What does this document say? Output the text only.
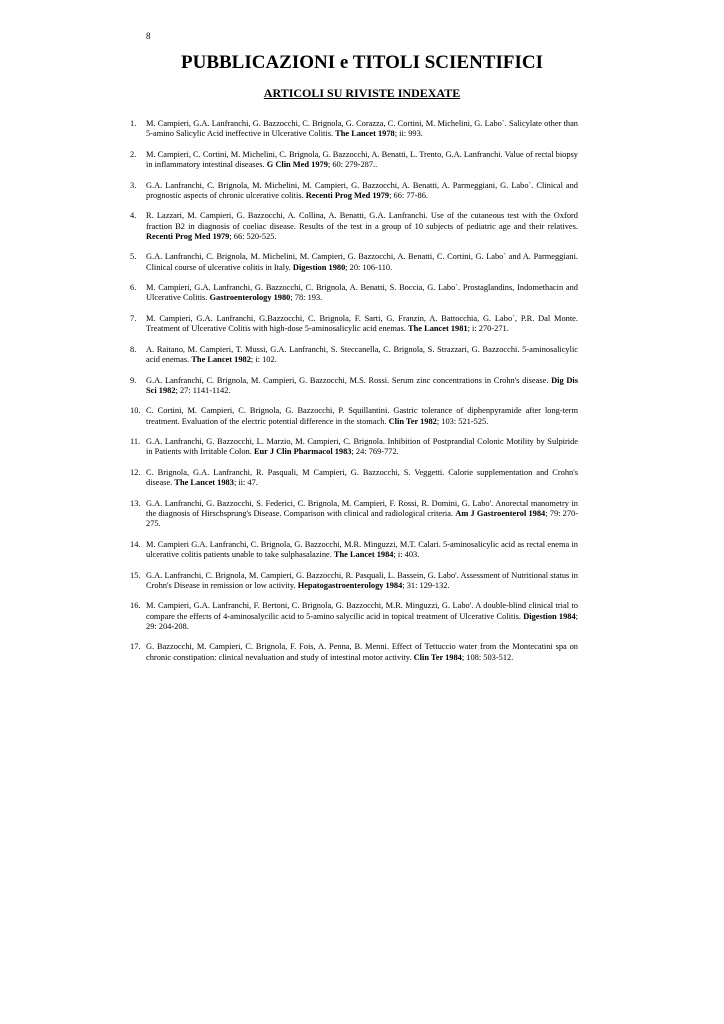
8
PUBBLICAZIONI e TITOLI SCIENTIFICI
ARTICOLI SU RIVISTE INDEXATE
1. M. Campieri, G.A. Lanfranchi, G. Bazzocchi, C. Brignola, G. Corazza, C. Cortini, M. Michelini, G. Labo`. Salicylate other than 5-amino Salicylic Acid ineffective in Ulcerative Colitis. The Lancet 1978; ii: 993.
2. M. Campieri, C. Cortini, M. Michelini, C. Brignola, G. Bazzocchi, A. Benatti, L. Trento, G.A. Lanfranchi. Value of rectal biopsy in inflammatory intestinal diseases. G Clin Med 1979; 60: 279-287..
3. G.A. Lanfranchi, C. Brignola, M. Michelini, M. Campieri, G. Bazzocchi, A. Benatti, A. Parmeggiani, G. Labo`. Clinical and prognostic aspects of chronic ulcerative colitis. Recenti Prog Med 1979; 66: 77-86.
4. R. Lazzari, M. Campieri, G. Bazzocchi, A. Collina, A. Benatti, G.A. Lanfranchi. Use of the cutaneous test with the Oxford fraction B2 in diagnosis of coeliac disease. Results of the test in a group of 10 subjects of pediatric age and their relatives. Recenti Prog Med 1979; 66: 520-525.
5. G.A. Lanfranchi, C. Brignola, M. Michelini, M. Campieri, G. Bazzocchi, A. Benatti, C. Cortini, G. Labo` and A. Parmeggiani. Clinical course of ulcerative colitis in Italy. Digestion 1980; 20: 106-110.
6. M. Campieri, G.A. Lanfranchi, G. Bazzocchi, C. Brignola, A. Benatti, S. Boccia, G. Labo`. Prostaglandins, Indomethacin and Ulcerative Colitis. Gastroenterology 1980; 78: 193.
7. M. Campieri, G.A. Lanfranchi, G.Bazzocchi, C. Brignola, F. Sarti, G. Franzin, A. Battocchia, G. Labo`, P.R. Dal Monte. Treatment of Ulcerative Colitis with high-dose 5-aminosalicylic acid enemas. The Lancet 1981; i: 270-271.
8. A. Raitano, M. Campieri, T. Mussi, G.A. Lanfranchi, S. Steccanella, C. Brignola, S. Strazzari, G. Bazzocchi. 5-aminosalicylic acid enemas. The Lancet 1982; i: 102.
9. G.A. Lanfranchi, C. Brignola, M. Campieri, G. Bazzocchi, M.S. Rossi. Serum zinc concentrations in Crohn's disease. Dig Dis Sci 1982; 27: 1141-1142.
10. C. Cortini, M. Campieri, C. Brignola, G. Bazzocchi, P. Squillantini. Gastric tolerance of diphenpyramide after long-term treatment. Evaluation of the electric potential difference in the stomach. Clin Ter 1982; 103: 521-525.
11. G.A. Lanfranchi, G. Bazzocchi, L. Marzio, M. Campieri, C. Brignola. Inhibition of Postprandial Colonic Motility by Sulpiride in Patients with Irritable Colon. Eur J Clin Pharmacol 1983; 24: 769-772.
12. C. Brignola, G.A. Lanfranchi, R. Pasquali, M Campieri, G. Bazzocchi, S. Veggetti. Calorie supplementation and Crohn's disease. The Lancet 1983; ii: 47.
13. G.A. Lanfranchi, G. Bazzocchi, S. Federici, C. Brignola, M. Campieri, F. Rossi, R. Domini, G. Labo'. Anorectal manometry in the diagnosis of Hirschsprung's Disease. Comparison with clinical and radiological criteria. Am J Gastroenterol 1984; 79: 270-275.
14. M. Campieri G.A. Lanfranchi, C. Brignola, G. Bazzocchi, M.R. Minguzzi, M.T. Calari. 5-aminosalicylic acid as rectal enema in ulcerative colitis patients unable to take sulphasalazine. The Lancet 1984; i: 403.
15. G.A. Lanfranchi, C. Brignola, M. Campieri, G. Bazzocchi, R. Pasquali, L. Bassein, G. Labo'. Assessment of Nutritional status in Crohn's Disease in remission or low activity. Hepatogastroenterology 1984; 31: 129-132.
16. M. Campieri, G.A. Lanfranchi, F. Bertoni, C. Brignola, G. Bazzocchi, M.R. Minguzzi, G. Labo'. A double-blind clinical trial to compare the effects of 4-aminosalycilic acid to 5-amino salycilic acid in topical treatment of Ulcerative Colitis. Digestion 1984; 29: 204-208.
17. G. Bazzocchi, M. Campieri, C. Brignola, F. Fois, A. Penna, B. Menni. Effect of Tettuccio water from the Montecatini spa on chronic constipation: clinical nevaluation and study of intestinal motor activity. Clin Ter 1984; 108: 503-512.
